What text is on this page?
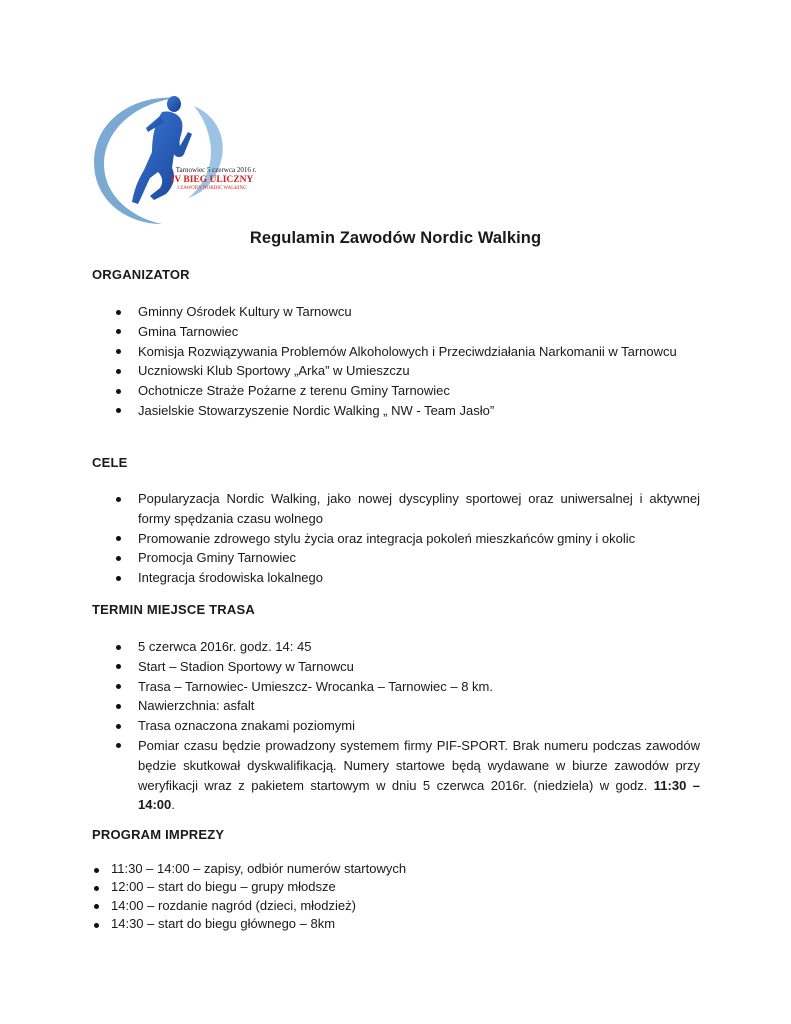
Tarnowiec 5 czerwca 2016 r.
IV BIEG ULICZNY
I ZAWODY NORDIC WALKING
Regulamin Zawodów Nordic Walking
ORGANIZATOR
Gminny Ośrodek Kultury w Tarnowcu
Gmina Tarnowiec
Komisja Rozwiązywania Problemów Alkoholowych i Przeciwdziałania Narkomanii w Tarnowcu
Uczniowski Klub Sportowy „Arka” w Umieszczu
Ochotnicze Straże Pożarne z terenu Gminy Tarnowiec
Jasielskie Stowarzyszenie Nordic Walking „ NW - Team Jasło”
CELE
Popularyzacja Nordic Walking, jako nowej dyscypliny sportowej oraz uniwersalnej i aktywnej formy spędzania czasu wolnego
Promowanie zdrowego stylu życia oraz integracja pokoleń mieszkańców gminy i okolic
Promocja Gminy Tarnowiec
Integracja środowiska lokalnego
TERMIN MIEJSCE TRASA
5 czerwca 2016r. godz. 14: 45
Start – Stadion Sportowy w Tarnowcu
Trasa – Tarnowiec- Umieszcz- Wrocanka – Tarnowiec – 8 km.
Nawierzchnia: asfalt
Trasa oznaczona znakami poziomymi
Pomiar czasu będzie prowadzony systemem firmy PIF-SPORT. Brak numeru podczas zawodów będzie skutkował dyskwalifikacją. Numery startowe będą wydawane w biurze zawodów przy weryfikacji wraz z pakietem startowym w dniu 5 czerwca 2016r. (niedziela) w godz. 11:30 – 14:00.
PROGRAM IMPREZY
11:30 – 14:00 – zapisy, odbiór numerów startowych
12:00 – start do biegu – grupy młodsze
14:00 – rozdanie nagród (dzieci, młodzież)
14:30 – start do biegu głównego – 8km
